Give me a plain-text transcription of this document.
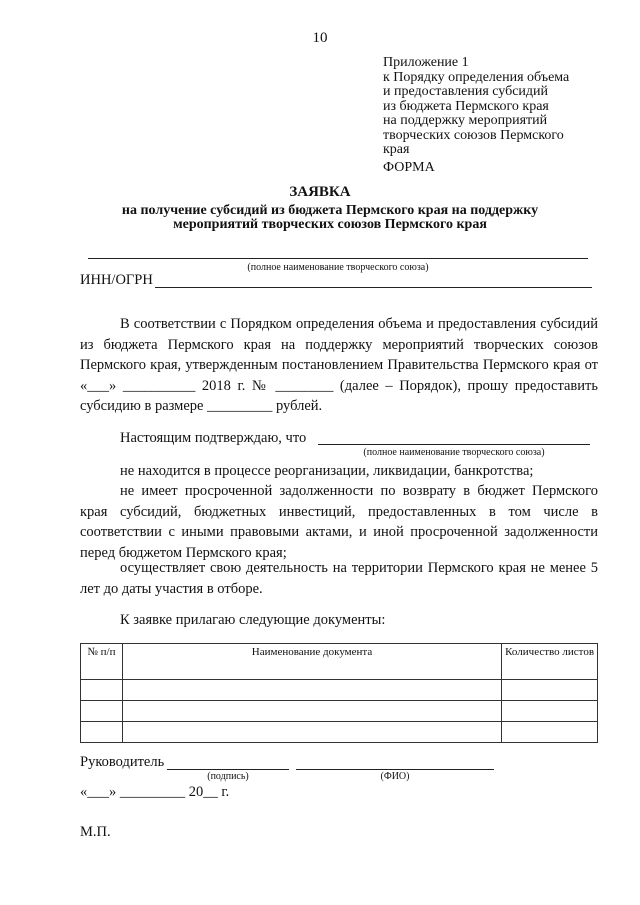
10
Приложение 1
к Порядку определения объема
и предоставления субсидий
из бюджета Пермского края
на поддержку мероприятий
творческих союзов Пермского
края
ФОРМА
ЗАЯВКА
на получение субсидий из бюджета Пермского края на поддержку мероприятий творческих союзов Пермского края
(полное наименование творческого союза)
ИНН/ОГРН
В соответствии с Порядком определения объема и предоставления субсидий из бюджета Пермского края на поддержку мероприятий творческих союзов Пермского края, утвержденным постановлением Правительства Пермского края от «___» __________ 2018 г. № ________ (далее – Порядок), прошу предоставить субсидию в размере _________ рублей.
Настоящим подтверждаю, что
(полное наименование творческого союза)
не находится в процессе реорганизации, ликвидации, банкротства;
не имеет просроченной задолженности по возврату в бюджет Пермского края субсидий, бюджетных инвестиций, предоставленных в том числе в соответствии с иными правовыми актами, и иной просроченной задолженности перед бюджетом Пермского края;
осуществляет свою деятельность на территории Пермского края не менее 5 лет до даты участия в отборе.
К заявке прилагаю следующие документы:
№ п/п	Наименование документа	Количество листов

Руководитель
(подпись)	(ФИО)
«___» _________ 20__ г.
М.П.
